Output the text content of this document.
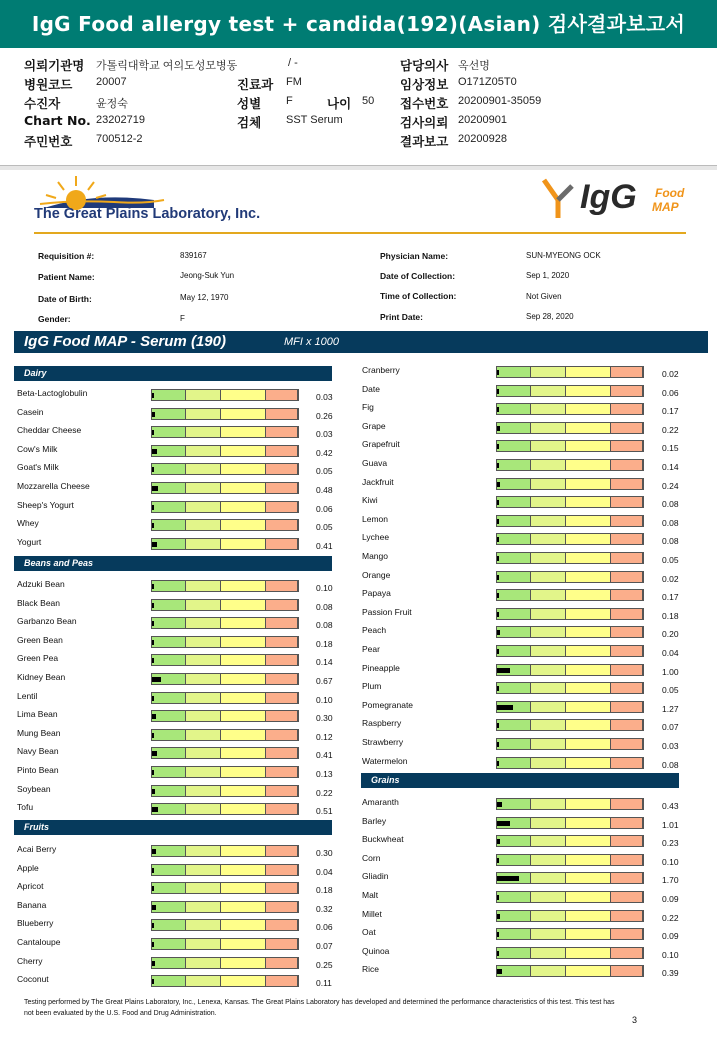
IgG Food allergy test + candida(192)(Asian) 검사결과보고서
의뢰기관명 가톨릭대학교 여의도성모병동
병원코드 20007
수진자	윤정숙
Chart No. 23202719
주민번호 700512-2
/ -
진료과 FM
성별 F	나이 50
검체 SST Serum
담당의사 옥선명
임상정보 O171Z05T0
접수번호 20200901-35059
검사의뢰 20200901
결과보고 20200928
The Great Plains Laboratory, Inc.	IgG Food
MAP
Requisition #:	839167
Patient Name:	Jeong-Suk Yun
Date of Birth:	May 12, 1970
Gender:	F
Physician Name:	SUN-MYEONG OCK
Date of Collection:	Sep 1, 2020
Time of Collection:	Not Given
Print Date:	Sep 28, 2020
IgG Food MAP - Serum (190)	MFI x 1000
Beta-Lactoglobulin	0.03
Casein	0.26
Cheddar Cheese	0.03
Cow's Milk	0.42
Goat's Milk	0.05
Mozzarella Cheese	0.48
Sheep's Yogurt	0.06
Whey	0.05
Yogurt	0.41
Adzuki Bean	0.10
Black Bean	0.08
Garbanzo Bean	0.08
Green Bean	0.18
Green Pea	0.14
Kidney Bean	0.67
Lentil	0.10
Lima Bean	0.30
Mung Bean	0.12
Navy Bean	0.41
Pinto Bean	0.13
Soybean	0.22
Tofu	0.51
Acai Berry	0.30
Apple	0.04
Apricot	0.18
Banana	0.32
Blueberry	0.06
Cantaloupe	0.07
Cherry	0.25
Coconut	0.11
Cranberry	0.02
Date	0.06
Fig	0.17
Grape	0.22
Grapefruit	0.15
Guava	0.14
Jackfruit	0.24
Kiwi	0.08
Lemon	0.08
Lychee	0.08
Mango	0.05
Orange	0.02
Papaya	0.17
Passion Fruit	0.18
Peach	0.20
Pear	0.04
Pineapple	1.00
Plum	0.05
Pomegranate	1.27
Raspberry	0.07
Strawberry	0.03
Watermelon	0.08
Amaranth	0.43
Barley	1.01
Buckwheat	0.23
Corn	0.10
Gliadin	1.70
Malt	0.09
Millet	0.22
Oat	0.09
Quinoa	0.10
Rice	0.39
Testing performed by The Great Plains Laboratory, Inc., Lenexa, Kansas. The Great Plains Laboratory has developed and determined the performance characteristics of this test. This test has not been evaluated by the U.S. Food and Drug Administration.
3
Dairy
Beans and Peas
Fruits
Grains
